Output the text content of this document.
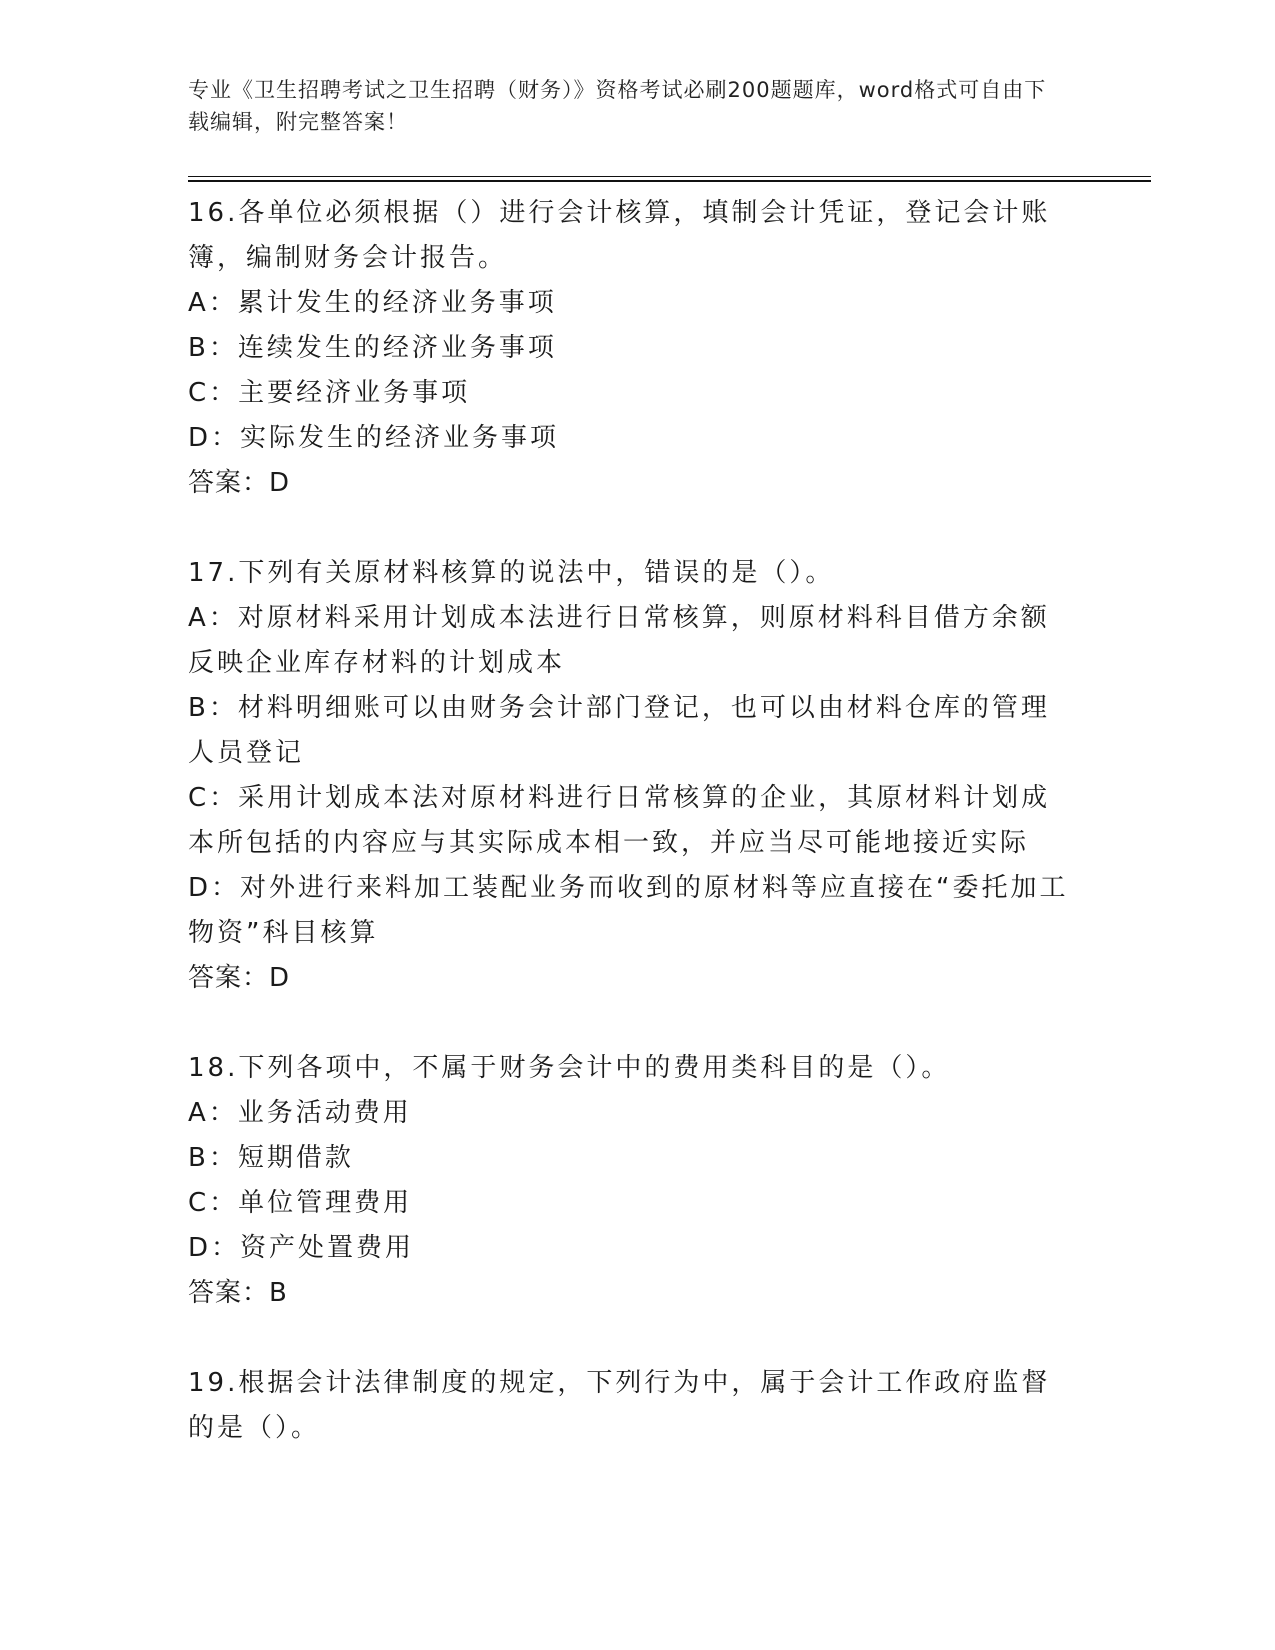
专业《卫生招聘考试之卫生招聘（财务）》资格考试必刷200题题库，word格式可自由下载编辑，附完整答案！

16.各单位必须根据（）进行会计核算，填制会计凭证，登记会计账簿，编制财务会计报告。

A：累计发生的经济业务事项

B：连续发生的经济业务事项

C：主要经济业务事项

D：实际发生的经济业务事项

答案：D

17.下列有关原材料核算的说法中，错误的是（）。

A：对原材料采用计划成本法进行日常核算，则原材料科目借方余额反映企业库存材料的计划成本

B：材料明细账可以由财务会计部门登记，也可以由材料仓库的管理人员登记

C：采用计划成本法对原材料进行日常核算的企业，其原材料计划成本所包括的内容应与其实际成本相一致，并应当尽可能地接近实际

D：对外进行来料加工装配业务而收到的原材料等应直接在“委托加工物资”科目核算

答案：D

18.下列各项中，不属于财务会计中的费用类科目的是（）。

A：业务活动费用

B：短期借款

C：单位管理费用

D：资产处置费用

答案：B

19.根据会计法律制度的规定，下列行为中，属于会计工作政府监督的是（）。
